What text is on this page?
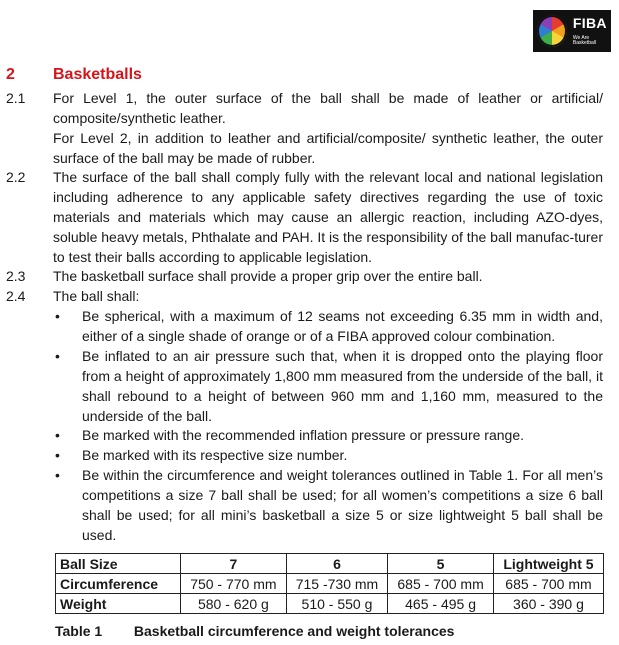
FIBA
We Are Basketball
2 Basketballs
2.1 For Level 1, the outer surface of the ball shall be made of leather or artificial/ composite/synthetic leather.

For Level 2, in addition to leather and artificial/composite/ synthetic leather, the outer surface of the ball may be made of rubber.

2.2 The surface of the ball shall comply fully with the relevant local and national legislation including adherence to any applicable safety directives regarding the use of toxic materials and materials which may cause an allergic reaction, including AZO-dyes, soluble heavy metals, Phthalate and PAH. It is the responsibility of the ball manufac-turer to test their balls according to applicable legislation.

2.3 The basketball surface shall provide a proper grip over the entire ball.

2.4 The ball shall:

• Be spherical, with a maximum of 12 seams not exceeding 6.35 mm in width and, either of a single shade of orange or of a FIBA approved colour combination.
• Be inflated to an air pressure such that, when it is dropped onto the playing floor from a height of approximately 1,800 mm measured from the underside of the ball, it shall rebound to a height of between 960 mm and 1,160 mm, measured to the underside of the ball.
• Be marked with the recommended inflation pressure or pressure range.
• Be marked with its respective size number.
• Be within the circumference and weight tolerances outlined in Table 1. For all men’s competitions a size 7 ball shall be used; for all women’s competitions a size 6 ball shall be used; for all mini’s basketball a size 5 or size lightweight 5 ball shall be used.
Ball Size	7	6	5	Lightweight 5
Circumference	750 - 770 mm	715 -730 mm	685 - 700 mm	685 - 700 mm
Weight	580 - 620 g	510 - 550 g	465 - 495 g	360 - 390 g
Table 1 Basketball circumference and weight tolerances
